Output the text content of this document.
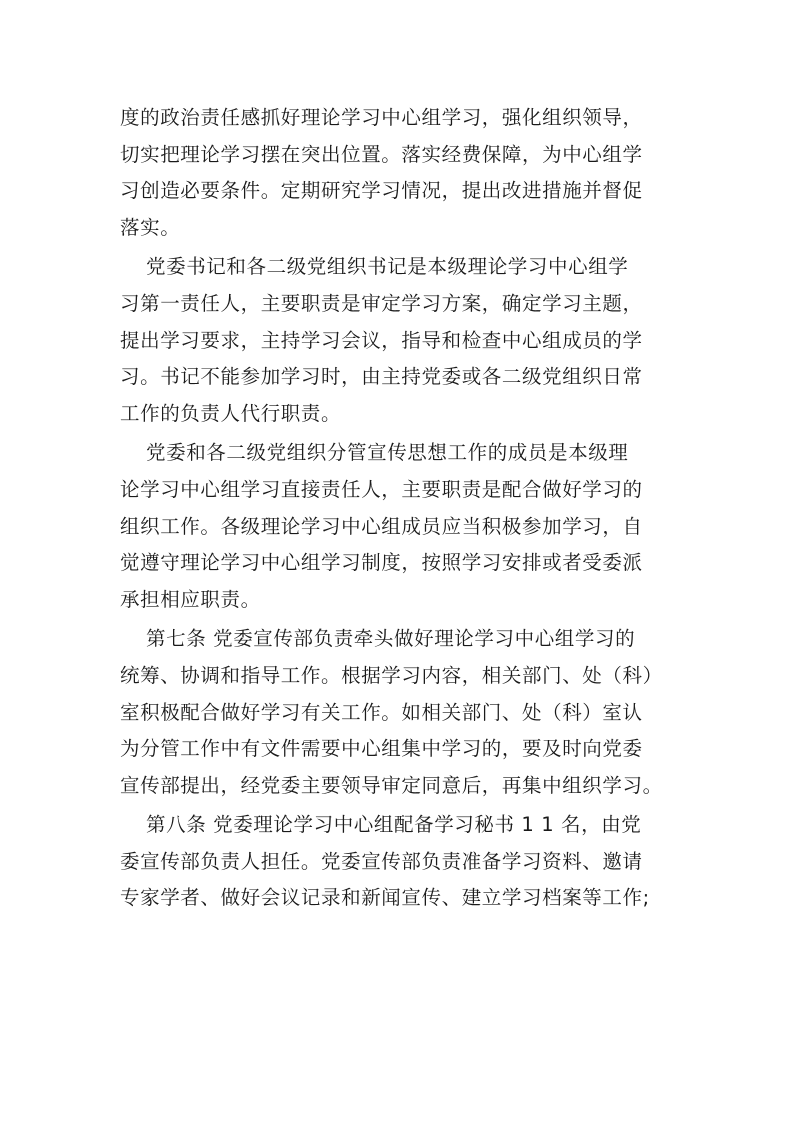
度的政治责任感抓好理论学习中心组学习，强化组织领导，
切实把理论学习摆在突出位置。落实经费保障，为中心组学
习创造必要条件。定期研究学习情况，提出改进措施并督促
落实。
党委书记和各二级党组织书记是本级理论学习中心组学
习第一责任人，主要职责是审定学习方案，确定学习主题，
提出学习要求，主持学习会议，指导和检查中心组成员的学
习。书记不能参加学习时，由主持党委或各二级党组织日常
工作的负责人代行职责。
党委和各二级党组织分管宣传思想工作的成员是本级理
论学习中心组学习直接责任人，主要职责是配合做好学习的
组织工作。各级理论学习中心组成员应当积极参加学习，自
觉遵守理论学习中心组学习制度，按照学习安排或者受委派
承担相应职责。
第七条 党委宣传部负责牵头做好理论学习中心组学习的
统筹、协调和指导工作。根据学习内容，相关部门、处（科）
室积极配合做好学习有关工作。如相关部门、处（科）室认
为分管工作中有文件需要中心组集中学习的，要及时向党委
宣传部提出，经党委主要领导审定同意后，再集中组织学习。
第八条 党委理论学习中心组配备学习秘书 1 1 名，由党
委宣传部负责人担任。党委宣传部负责准备学习资料、邀请
专家学者、做好会议记录和新闻宣传、建立学习档案等工作;
